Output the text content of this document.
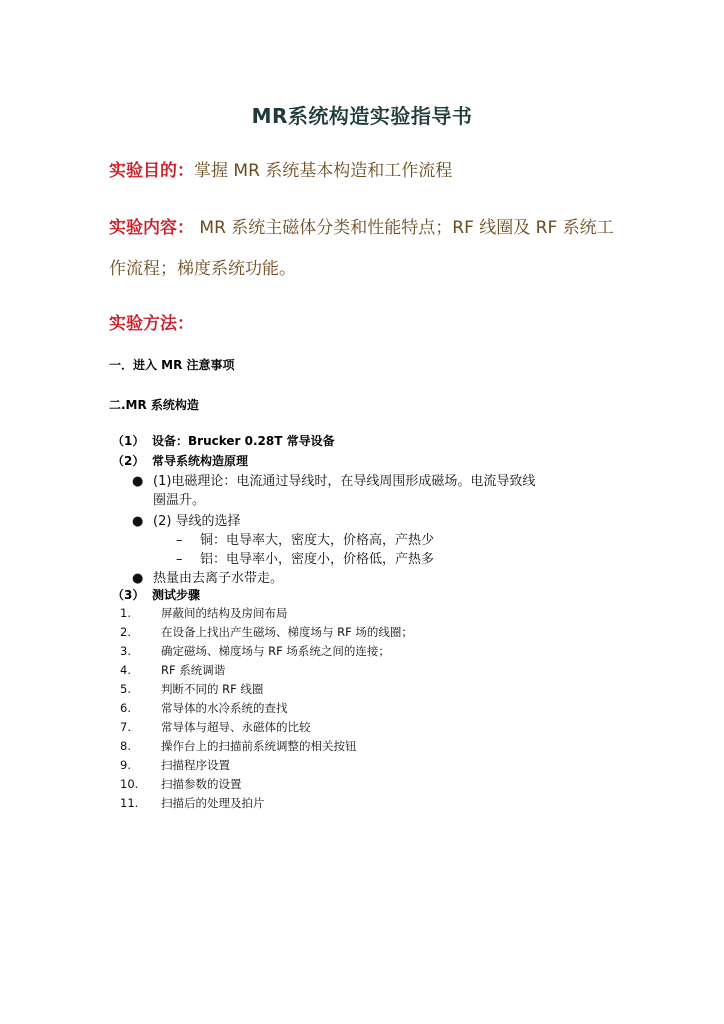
MR系统构造实验指导书
实验目的：掌握 MR 系统基本构造和工作流程
实验内容： MR 系统主磁体分类和性能特点；RF 线圈及 RF 系统工
作流程；梯度系统功能。
实验方法：
一．进入 MR 注意事项
二.MR 系统构造
（1） 设备：Brucker 0.28T 常导设备
（2） 常导系统构造原理
● (1)电磁理论：电流通过导线时，在导线周围形成磁场。电流导致线
圈温升。
● (2) 导线的选择
– 铜：电导率大，密度大，价格高，产热少
– 铝：电导率小，密度小，价格低，产热多
● 热量由去离子水带走。
（3） 测试步骤
1.	屏蔽间的结构及房间布局
2.	在设备上找出产生磁场、梯度场与 RF 场的线圈；
3.	确定磁场、梯度场与 RF 场系统之间的连接；
4.	RF 系统调谐
5.	判断不同的 RF 线圈
6.	常导体的水冷系统的查找
7.	常导体与超导、永磁体的比较
8.	操作台上的扫描前系统调整的相关按钮
9.	扫描程序设置
10. 扫描参数的设置
11. 扫描后的处理及拍片
